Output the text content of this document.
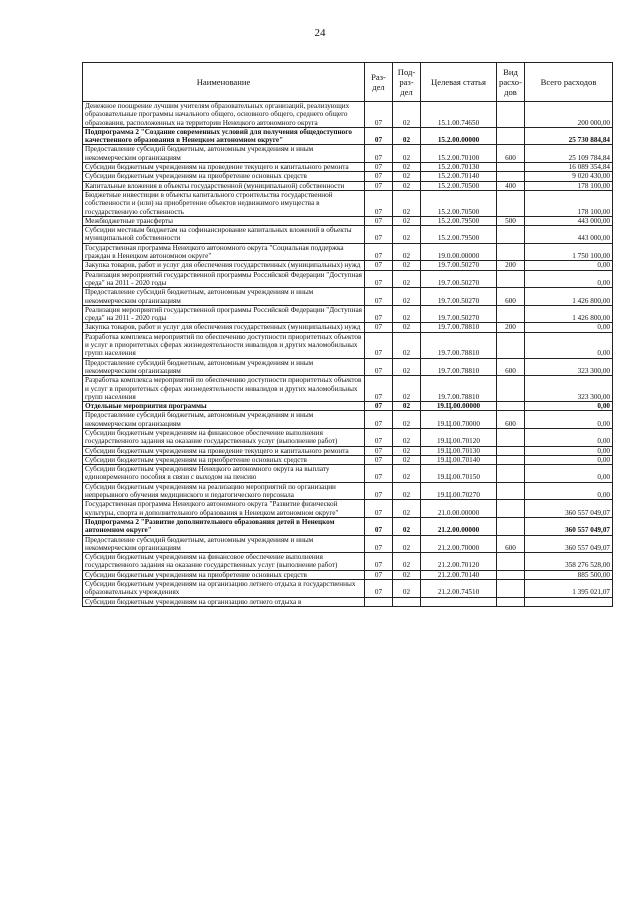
24
Наименование	Раз-дел	Под-раз-дел	Целевая статья	Вид расхо-дов	Всего расходов
Денежное поощрение лучшим учителям образовательных организаций, реализующих образовательные программы начального общего, основного общего, среднего общего образования, расположенных на территории Ненецкого автономного округа	07	02	15.1.00.74650		200 000,00
Подпрограмма 2 "Создание современных условий для получения общедоступного качественного образования в Ненецком автономном округе"	07	02	15.2.00.00000		25 730 884,84
Предоставление субсидий бюджетным, автономным учреждениям и иным некоммерческим организациям	07	02	15.2.00.70100	600	25 109 784,84
Субсидии бюджетным учреждениям на проведение текущего и капитального ремонта	07	02	15.2.00.70130		16 089 354,84
Субсидии бюджетным учреждениям на приобретение основных средств	07	02	15.2.00.70140		9 020 430,00
Капитальные вложения в объекты государственной (муниципальной) собственности	07	02	15.2.00.70500	400	178 100,00
Бюджетные инвестиции в объекты капитального строительства государственной собственности и (или) на приобретение объектов недвижимого имущества в государственную собственность	07	02	15.2.00.70500		178 100,00
Межбюджетные трансферты	07	02	15.2.00.79500	500	443 000,00
Субсидии местным бюджетам на софинансирование капитальных вложений в объекты муниципальной собственности	07	02	15.2.00.79500		443 000,00
Государственная программа Ненецкого автономного округа "Социальная поддержка граждан в Ненецком автономном округе"	07	02	19.0.00.00000		1 750 100,00
Закупка товаров, работ и услуг для обеспечения государственных (муниципальных) нужд	07	02	19.7.00.50270	200	0,00
Реализация мероприятий государственной программы Российской Федерации "Доступная среда" на 2011 - 2020 годы	07	02	19.7.00.50270		0,00
Предоставление субсидий бюджетным, автономным учреждениям и иным некоммерческим организациям	07	02	19.7.00.50270	600	1 426 800,00
Реализация мероприятий государственной программы Российской Федерации "Доступная среда" на 2011 - 2020 годы	07	02	19.7.00.50270		1 426 800,00
Закупка товаров, работ и услуг для обеспечения государственных (муниципальных) нужд	07	02	19.7.00.78810	200	0,00
Разработка комплекса мероприятий по обеспечению доступности приоритетных объектов и услуг в приоритетных сферах жизнедеятельности инвалидов и других маломобильных групп населения	07	02	19.7.00.78810		0,00
Предоставление субсидий бюджетным, автономным учреждениям и иным некоммерческим организациям	07	02	19.7.00.78810	600	323 300,00
Разработка комплекса мероприятий по обеспечению доступности приоритетных объектов и услуг в приоритетных сферах жизнедеятельности инвалидов и других маломобильных групп населения	07	02	19.7.00.78810		323 300,00
Отдельные мероприятия программы	07	02	19.Ц.00.00000		0,00
Предоставление субсидий бюджетным, автономным учреждениям и иным некоммерческим организациям	07	02	19.Ц.00.70000	600	0,00
Субсидии бюджетным учреждениям на финансовое обеспечение выполнения государственного задания на оказание государственных услуг (выполнение работ)	07	02	19.Ц.00.70120		0,00
Субсидии бюджетным учреждениям на проведение текущего и капитального ремонта	07	02	19.Ц.00.70130		0,00
Субсидии бюджетным учреждениям на приобретение основных средств	07	02	19.Ц.00.70140		0,00
Субсидии бюджетным учреждениям Ненецкого автономного округа на выплату единовременного пособия в связи с выходом на пенсию	07	02	19.Ц.00.70150		0,00
Субсидии бюджетным учреждениям на реализацию мероприятий по организации непрерывного обучения медицинского и педагогического персонала	07	02	19.Ц.00.70270		0,00
Государственная программа Ненецкого автономного округа "Развитие физической культуры, спорта и дополнительного образования в Ненецком автономном округе"	07	02	21.0.00.00000		360 557 049,07
Подпрограмма 2 "Развитие дополнительного образования детей в Ненецком автономном округе"	07	02	21.2.00.00000		360 557 049,07
Предоставление субсидий бюджетным, автономным учреждениям и иным некоммерческим организациям	07	02	21.2.00.70000	600	360 557 049,07
Субсидии бюджетным учреждениям на финансовое обеспечение выполнения государственного задания на оказание государственных услуг (выполнение работ)	07	02	21.2.00.70120		358 276 528,00
Субсидии бюджетным учреждениям на приобретение основных средств	07	02	21.2.00.70140		885 500,00
Субсидии бюджетным учреждениям на организацию летнего отдыха в государственных образовательных учреждениях	07	02	21.2.00.74510		1 395 021,07
Субсидии бюджетным учреждениям на организацию летнего отдыха в					
